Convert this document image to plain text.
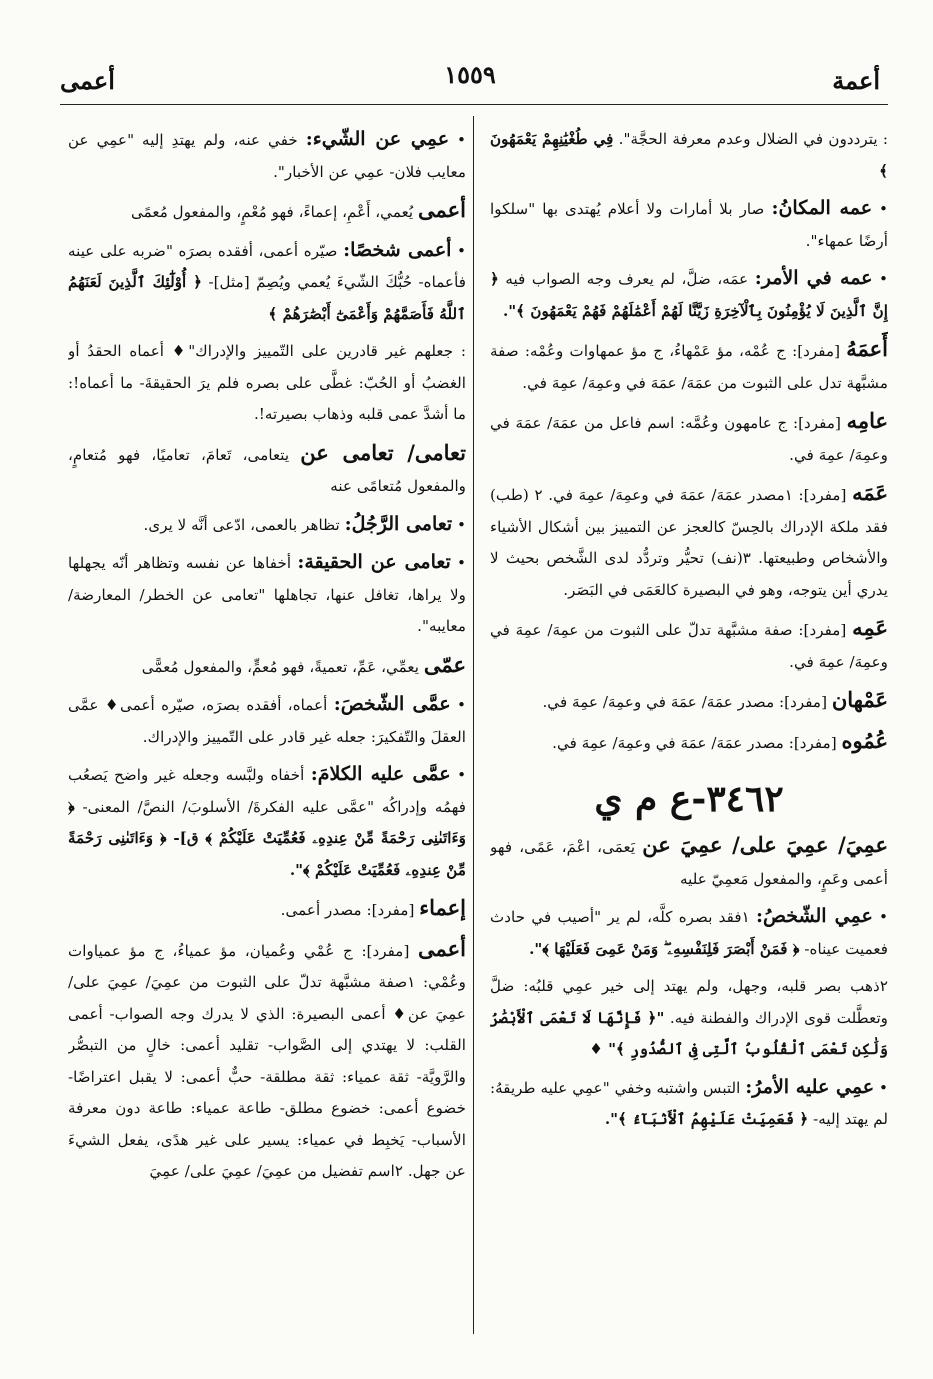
أعمة
١٥٥٩
أعمى

: يترددون في الضلال وعدم معرفة الحجَّة". فِي طُغْيَٰنِهِمْ يَعْمَهُونَ ﴾

• عمه المكانُ: صار بلا أمارات ولا أعلام يُهتدى بها "سلكوا أرضًا عمهاء".

• عمه في الأمر: عمَه، ضلَّ، لم يعرف وجه الصواب فيه ﴿ إِنَّ ٱلَّذِينَ لَا يُؤْمِنُونَ بِٱلْآخِرَةِ زَيَّنَّا لَهُمْ أَعْمَٰلَهُمْ فَهُمْ يَعْمَهُونَ ﴾".

أَعمَهُ [مفرد]: ج عُمْه، مؤ عَمْهاءُ، ج مؤ عمهاوات وعُمْه: صفة مشبَّهة تدل على الثبوت من عمَهَ/ عمَهَ في وعمِهَ/ عمِهَ في.

عامِه [مفرد]: ج عامهون وعُمَّه: اسم فاعل من عمَهَ/ عمَهَ في وعمِهَ/ عمِهَ في.

عَمَه [مفرد]: ١مصدر عمَهَ/ عمَهَ في وعمِهَ/ عمِهَ في. ٢ (طب) فقد ملكة الإدراك بالحِسّ كالعجز عن التمييز بين أشكال الأشياء والأشخاص وطبيعتها. ٣(نف) تحيُّر وتردُّد لدى الشَّخص بحيث لا يدري أين يتوجه، وهو في البصيرة كالعَمَى في البَصَر.

عَمِه [مفرد]: صفة مشبَّهة تدلّ على الثبوت من عمِهَ/ عمِهَ في وعمِهَ/ عمِهَ في.

عَمْهان [مفرد]: مصدر عمَهَ/ عمَهَ في وعمِهَ/ عمِهَ في.

عُمُوه [مفرد]: مصدر عمَهَ/ عمَهَ في وعمِهَ/ عمِهَ في.

٣٤٦٢-ع م ي

عمِيَ/ عمِيَ على/ عمِيَ عن يَعمَى، اعْمَ، عَمًى، فهو أعمى وعَمٍ، والمفعول مَعمِيّ عليه

• عمِي الشّخصُ: ١فقد بصره كلَّه، لم ير "أصيب في حادث فعميت عيناه- ﴿ فَمَنْ أَبْصَرَ فَلِنَفْسِهِۦ ۖ وَمَنْ عَمِىَ فَعَلَيْهَا ﴾".

٢ذهب بصر قلبه، وجهل، ولم يهتد إلى خير عمِي قلبُه: ضلَّ وتعطَّلت قوى الإدراك والفطنة فيه. "﴿ فَإِنَّهَا لَا تَعْمَى ٱلْأَبْصَٰرُ وَلَٰكِن تَعْمَى ٱلْقُلُوبُ ٱلَّتِى فِى ٱلصُّدُورِ ﴾" ♦

• عمِي عليه الأمرُ: التبس واشتبه وخفي "عمِي عليه طريقهُ: لم يهتد إليه- ﴿ فَعَمِيَتْ عَلَيْهِمُ ٱلْأَنۢبَآءُ ﴾".

• عمِي عن الشّيء: خفي عنه، ولم يهتدِ إليه "عمِي عن معايب فلان- عمِي عن الأخبار".

أعمى يُعمي، أَعْمِ، إعماءً، فهو مُعْمٍ، والمفعول مُعمًى

• أعمى شخصًا: صيّره أعمى، أفقده بصرَه "ضربه على عينه فأعماه- حُبُّكَ الشّيءَ يُعمي ويُصِمّ [مثل]- ﴿ أُوْلَٰٓئِكَ ٱلَّذِينَ لَعَنَهُمُ ٱللَّهُ فَأَصَمَّهُمْ وَأَعْمَىٰٓ أَبْصَٰرَهُمْ ﴾

: جعلهم غير قادرين على التّمييز والإدراك"♦ أعماه الحقدُ أو الغضبُ أو الحُبّ: غطَّى على بصره فلم يرَ الحقيقةَ- ما أعماه!: ما أشدَّ عمى قلبه وذهاب بصيرته!.

تعامى/ تعامى عن يتعامى، تَعامَ، تعاميًا، فهو مُتعامٍ، والمفعول مُتعامًى عنه

• تعامى الرَّجُلُ: تظاهر بالعمى، ادّعى أنَّه لا يرى.

• تعامى عن الحقيقة: أخفاها عن نفسه وتظاهر أنّه يجهلها ولا يراها، تغافل عنها، تجاهلها "تعامى عن الخطر/ المعارضة/ معايبه".

عمّى يعمِّي، عَمِّ، تعميةً، فهو مُعمٍّ، والمفعول مُعمًّى

• عمَّى الشّخصَ: أعماه، أفقده بصرَه، صيّره أعمى♦ عمَّى العقلَ والتّفكيرَ: جعله غير قادر على التّمييز والإدراك.

• عمَّى عليه الكلامَ: أخفاه ولبَّسه وجعله غير واضح يَصعُب فهمُه وإدراكُه "عمَّى عليه الفكرةَ/ الأسلوبَ/ النصَّ/ المعنى- ﴿ وَءَاتَىٰنِى رَحْمَةً مِّنْ عِندِهِۦ فَعُمِّيَتْ عَلَيْكُمْ ﴾ ق]- ﴿ وَءَاتَىٰنِى رَحْمَةً مِّنْ عِندِهِۦ فَعُمِّيَتْ عَلَيْكُمْ ﴾".

إعماء [مفرد]: مصدر أعمى.

أعمى [مفرد]: ج عُمْي وعُميان، مؤ عمياءُ، ج مؤ عمياوات وعُمْي: ١صفة مشبَّهة تدلّ على الثبوت من عمِيَ/ عمِيَ على/ عمِيَ عن♦ أعمى البصيرة: الذي لا يدرك وجه الصواب- أعمى القلب: لا يهتدي إلى الصَّواب- تقليد أعمى: خالٍ من التبصُّر والرَّويَّة- ثقة عمياء: ثقة مطلقة- حبٌّ أعمى: لا يقبل اعتراضًا- خضوع أعمى: خضوع مطلق- طاعة عمياء: طاعة دون معرفة الأسباب- يَخبِط في عمياء: يسير على غير هدًى، يفعل الشيءَ عن جهل. ٢اسم تفضيل من عمِيَ/ عمِيَ على/ عمِيَ
